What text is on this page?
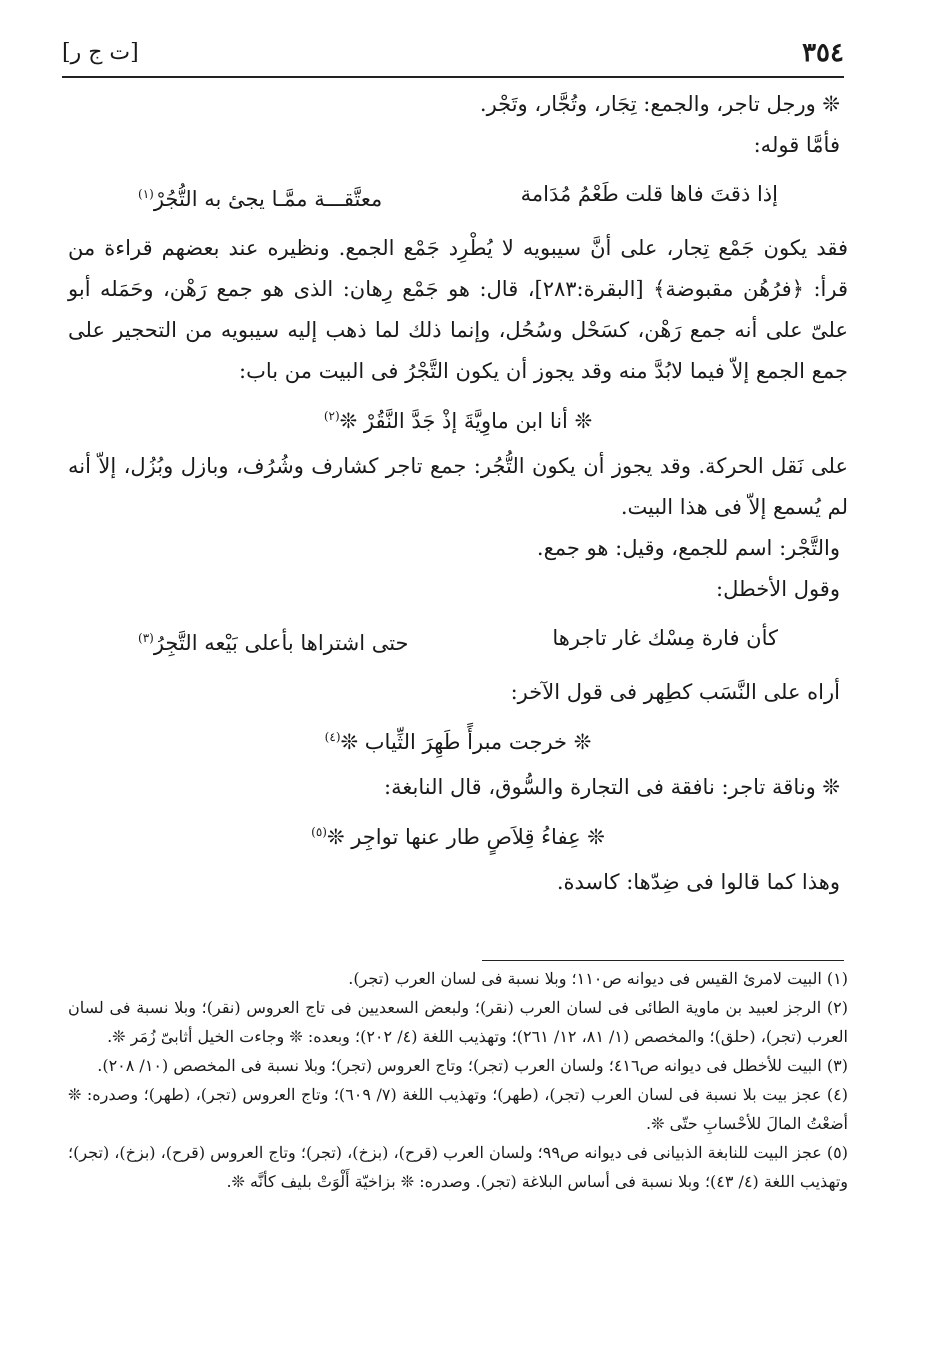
٣٥٤
[ت ج ر]

❊ ورجل تاجر، والجمع: تِجَار، وتُجَّار، وتَجْر.

فأمَّا قوله:

إذا ذقتَ فاها قلت طَعْمُ مُدَامة
معتَّقـــة ممَّـا يجئ به التُّجُرْ$^{(١)}$

فقد يكون جَمْع تِجار، على أنَّ سيبويه لا يُطْرِد جَمْع الجمع. ونظيره عند بعضهم قراءة من قرأ: ﴿فرُهُن مقبوضة﴾ [البقرة:٢٨٣]، قال: هو جَمْع رِهان: الذى هو جمع رَهْن، وحَمَله أبو علىّ على أنه جمع رَهْن، كسَحْل وسُحُل، وإنما ذلك لما ذهب إليه سيبويه من التحجير على جمع الجمع إلاّ فيما لابُدَّ منه وقد يجوز أن يكون التَّجْرُ فى البيت من باب:

❊ أنا ابن ماوِيَّةَ إذْ جَدَّ النَّقُرْ ❊$^{(٢)}$

على نَقل الحركة. وقد يجوز أن يكون التُّجُر: جمع تاجر كشارف وشُرُف، وبازل وبُزُل، إلاّ أنه لم يُسمع إلاّ فى هذا البيت.

والتَّجْر: اسم للجمع، وقيل: هو جمع.

وقول الأخطل:

كأن فارة مِسْك غار تاجرها
حتى اشتراها بأعلى بَيْعه التَّجِرُ$^{(٣)}$

أراه على النَّسَب كطِهر فى قول الآخر:

❊ خرجت مبرأً طَهِرَ الثِّياب ❊$^{(٤)}$

❊ وناقة تاجر: نافقة فى التجارة والسُّوق، قال النابغة:

❊ عِفاءُ قِلاَصٍ طار عنها تواجِر ❊$^{(٥)}$

وهذا كما قالوا فى ضِدّها: كاسدة.

(١) البيت لامرئ القيس فى ديوانه ص١١٠؛ وبلا نسبة فى لسان العرب (تجر).

(٢) الرجز لعبيد بن ماوية الطائى فى لسان العرب (نقر)؛ ولبعض السعديين فى تاج العروس (نقر)؛ وبلا نسبة فى لسان العرب (تجر)، (حلق)؛ والمخصص (١/ ٨١، ١٢/ ٢٦١)؛ وتهذيب اللغة (٤/ ٢٠٢)؛ وبعده: ❊ وجاءت الخيل أثابىّ زُمَر ❊.

(٣) البيت للأخطل فى ديوانه ص٤١٦؛ ولسان العرب (تجر)؛ وتاج العروس (تجر)؛ وبلا نسبة فى المخصص (١٠/ ٢٠٨).

(٤) عجز بيت بلا نسبة فى لسان العرب (تجر)، (طهر)؛ وتهذيب اللغة (٧/ ٦٠٩)؛ وتاج العروس (تجر)، (طهر)؛ وصدره: ❊ أضعْتُ المالَ للأحْسابِ حتّى ❊.

(٥) عجز البيت للنابغة الذبيانى فى ديوانه ص٩٩؛ ولسان العرب (قرح)، (بزخ)، (تجر)؛ وتاج العروس (قرح)، (بزخ)، (تجر)؛ وتهذيب اللغة (٤/ ٤٣)؛ وبلا نسبة فى أساس البلاغة (تجر). وصدره: ❊ بزاخيّة أَلْوَتْ بليف كأنَّه ❊.
